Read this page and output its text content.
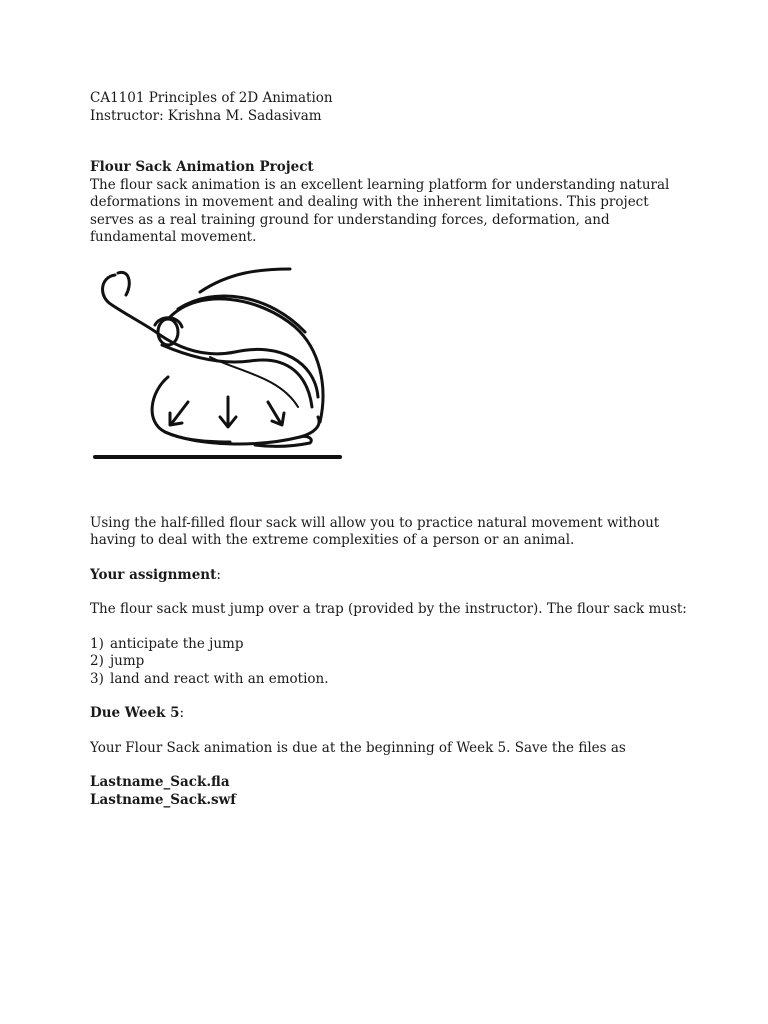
CA1101 Principles of 2D Animation

Instructor: Krishna M. Sadasivam

Flour Sack Animation Project

The flour sack animation is an excellent learning platform for understanding natural deformations in movement and dealing with the inherent limitations. This project serves as a real training ground for understanding forces, deformation, and fundamental movement.

Using the half-filled flour sack will allow you to practice natural movement without having to deal with the extreme complexities of a person or an animal.

Your assignment:

The flour sack must jump over a trap (provided by the instructor). The flour sack must:

1) anticipate the jump
2) jump
3) land and react with an emotion.

Due Week 5:

Your Flour Sack animation is due at the beginning of Week 5. Save the files as

Lastname_Sack.fla

Lastname_Sack.swf
